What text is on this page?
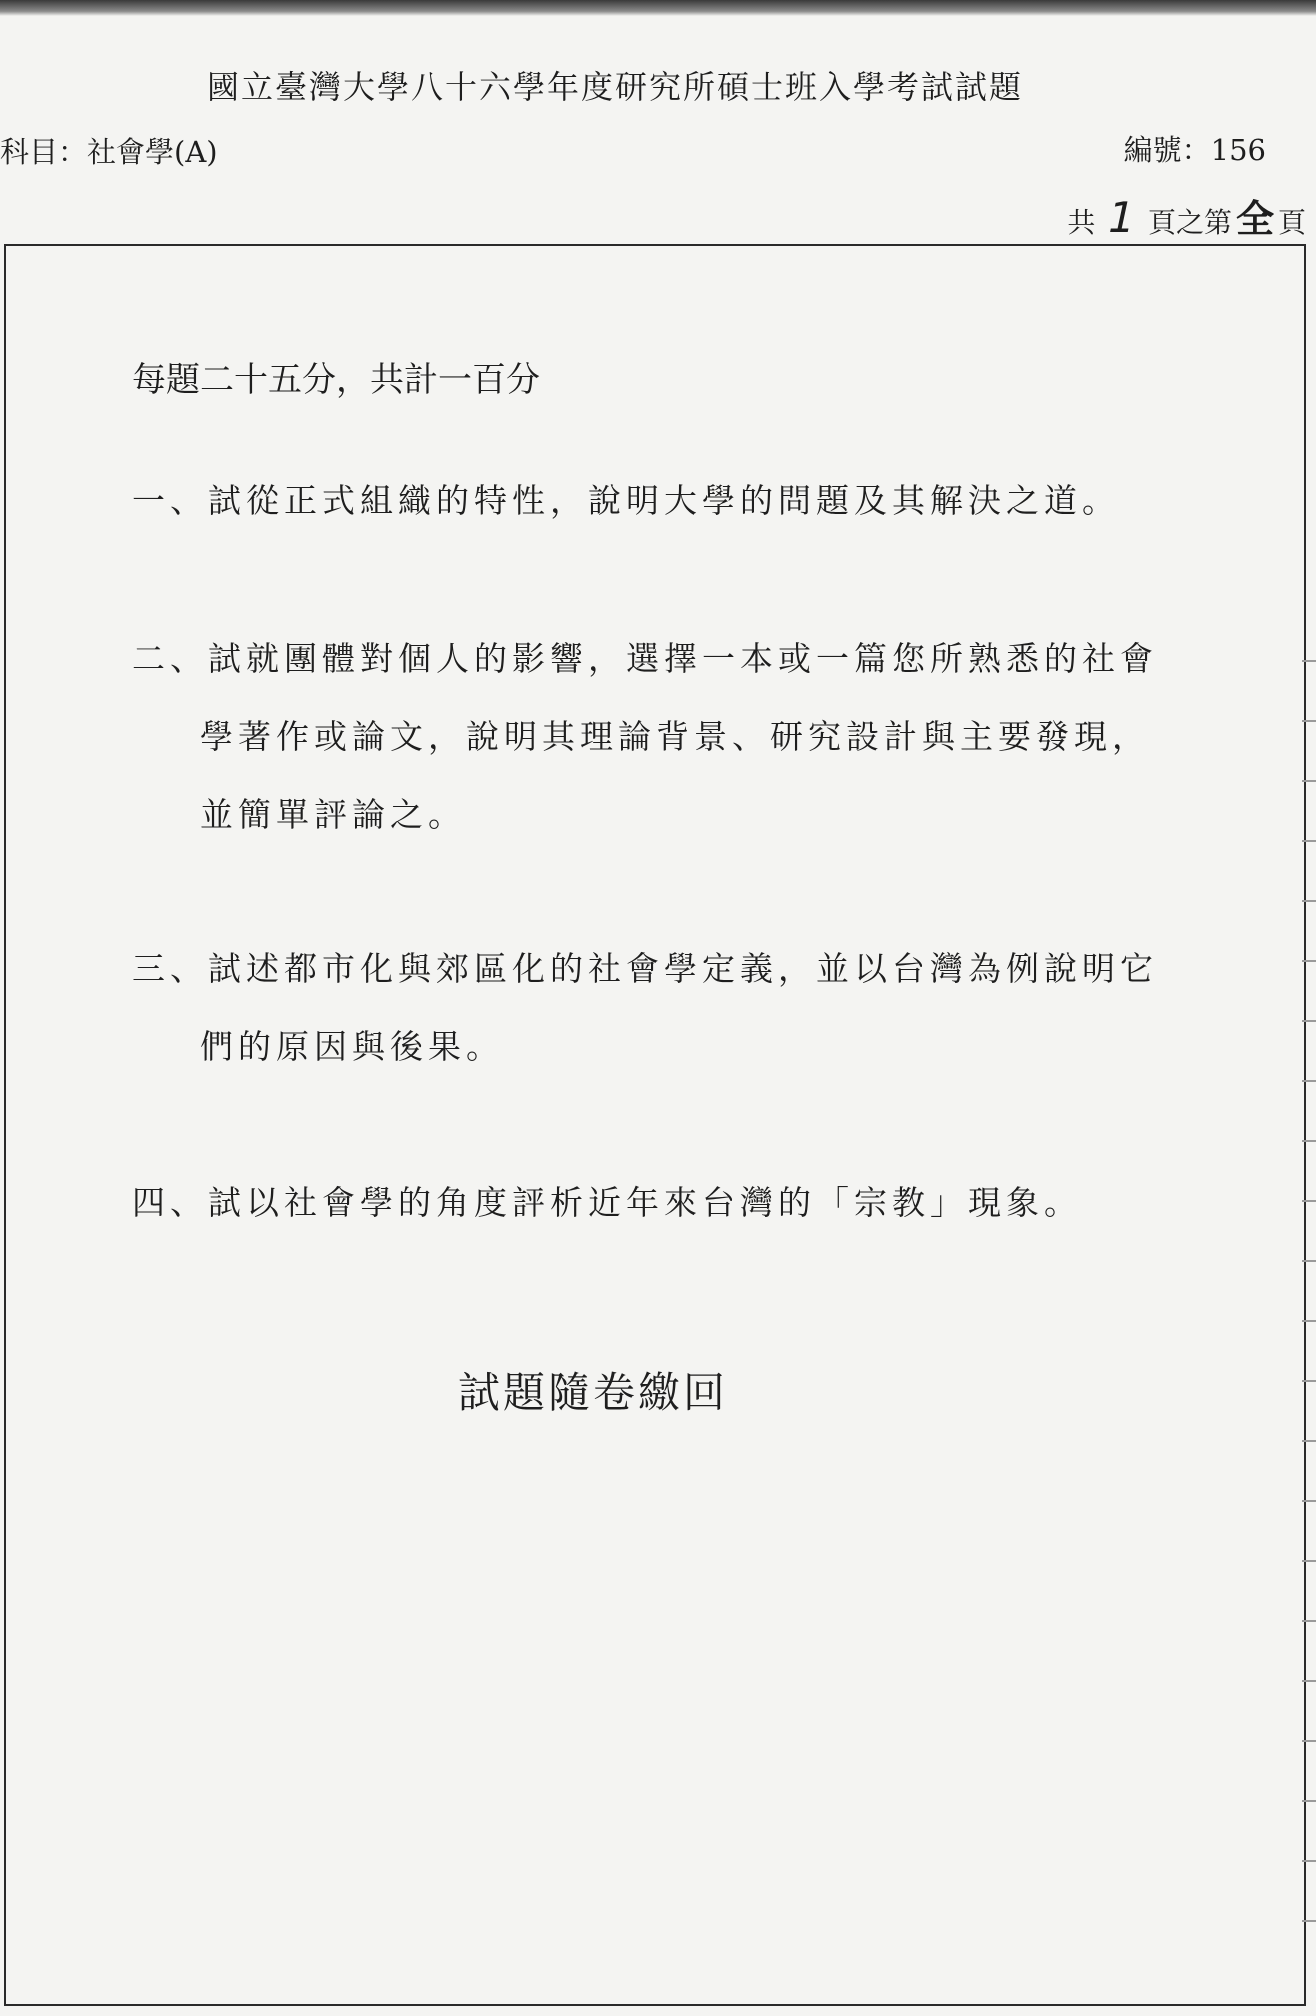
國立臺灣大學八十六學年度研究所碩士班入學考試試題
科目：社會學(A)	編號：156
共 1 頁之第 全 頁
每題二十五分，共計一百分
一、試從正式組織的特性，說明大學的問題及其解決之道。
二、試就團體對個人的影響，選擇一本或一篇您所熟悉的社會
學著作或論文，說明其理論背景、研究設計與主要發現，
並簡單評論之。
三、試述都市化與郊區化的社會學定義，並以台灣為例說明它
們的原因與後果。
四、試以社會學的角度評析近年來台灣的「宗教」現象。
試題隨卷繳回
